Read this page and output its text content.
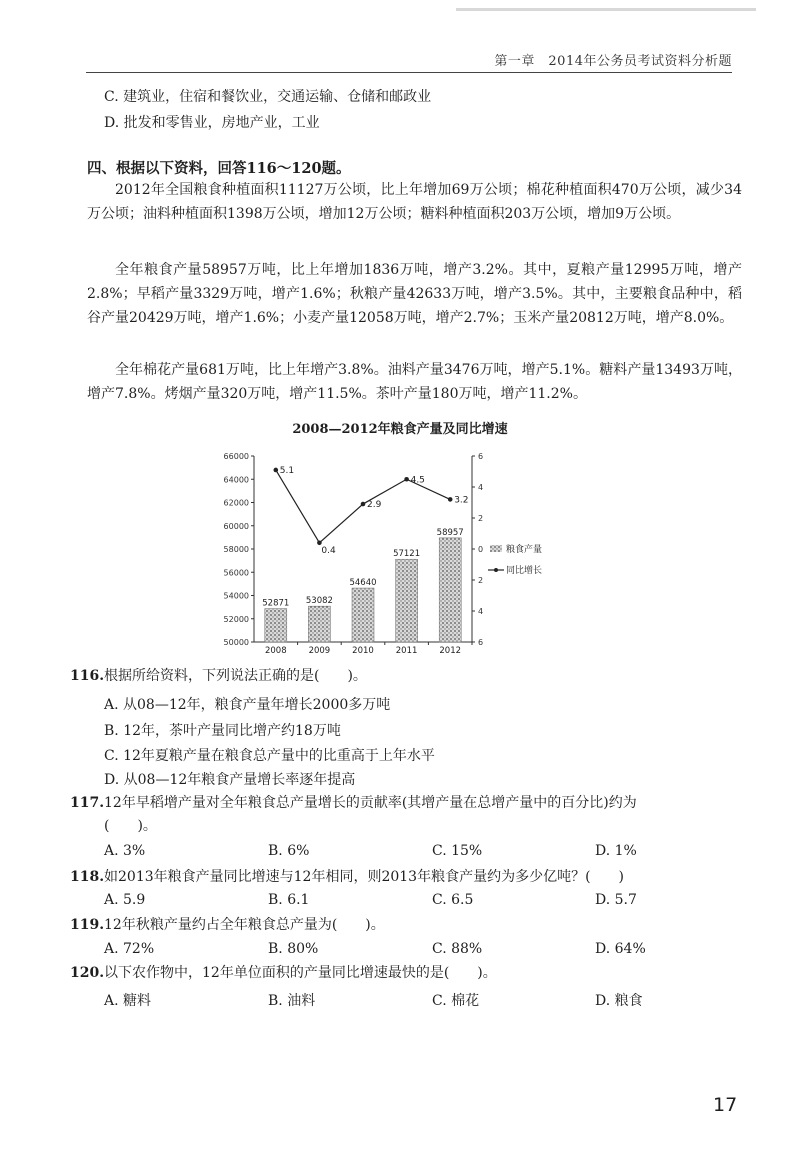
第一章　2014年公务员考试资料分析题
C. 建筑业，住宿和餐饮业，交通运输、仓储和邮政业
D. 批发和零售业，房地产业，工业
四、根据以下资料，回答116～120题。
2012年全国粮食种植面积11127万公顷，比上年增加69万公顷；棉花种植面积470万公顷，减少34万公顷；油料种植面积1398万公顷，增加12万公顷；糖料种植面积203万公顷，增加9万公顷。
全年粮食产量58957万吨，比上年增加1836万吨，增产3.2%。其中，夏粮产量12995万吨，增产2.8%；早稻产量3329万吨，增产1.6%；秋粮产量42633万吨，增产3.5%。其中，主要粮食品种中，稻谷产量20429万吨，增产1.6%；小麦产量12058万吨，增产2.7%；玉米产量20812万吨，增产8.0%。
全年棉花产量681万吨，比上年增产3.8%。油料产量3476万吨，增产5.1%。糖料产量13493万吨，增产7.8%。烤烟产量320万吨，增产11.5%。茶叶产量180万吨，增产11.2%。
2008—2012年粮食产量及同比增速
50000
52000
54000
56000
58000
60000
62000
64000
66000	6
4
2
0
2
4
6
52871
2008
53082
2009
54640
2010
57121
2011
58957
2012
5.1
0.4
2.9
4.5
3.2
粮食产量
同比增长
116. 根据所给资料，下列说法正确的是(　　)。
A. 从08—12年，粮食产量年增长2000多万吨
B. 12年，茶叶产量同比增产约18万吨
C. 12年夏粮产量在粮食总产量中的比重高于上年水平
D. 从08—12年粮食产量增长率逐年提高
117. 12年早稻增产量对全年粮食总产量增长的贡献率(其增产量在总增产量中的百分比)约为
(　　)。
A. 3%	B. 6%	C. 15%	D. 1%
118. 如2013年粮食产量同比增速与12年相同，则2013年粮食产量约为多少亿吨？(　　)
A. 5.9	B. 6.1	C. 6.5	D. 5.7
119. 12年秋粮产量约占全年粮食总产量为(　　)。
A. 72%	B. 80%	C. 88%	D. 64%
120. 以下农作物中，12年单位面积的产量同比增速最快的是(　　)。
A. 糖料	B. 油料	C. 棉花	D. 粮食
17
